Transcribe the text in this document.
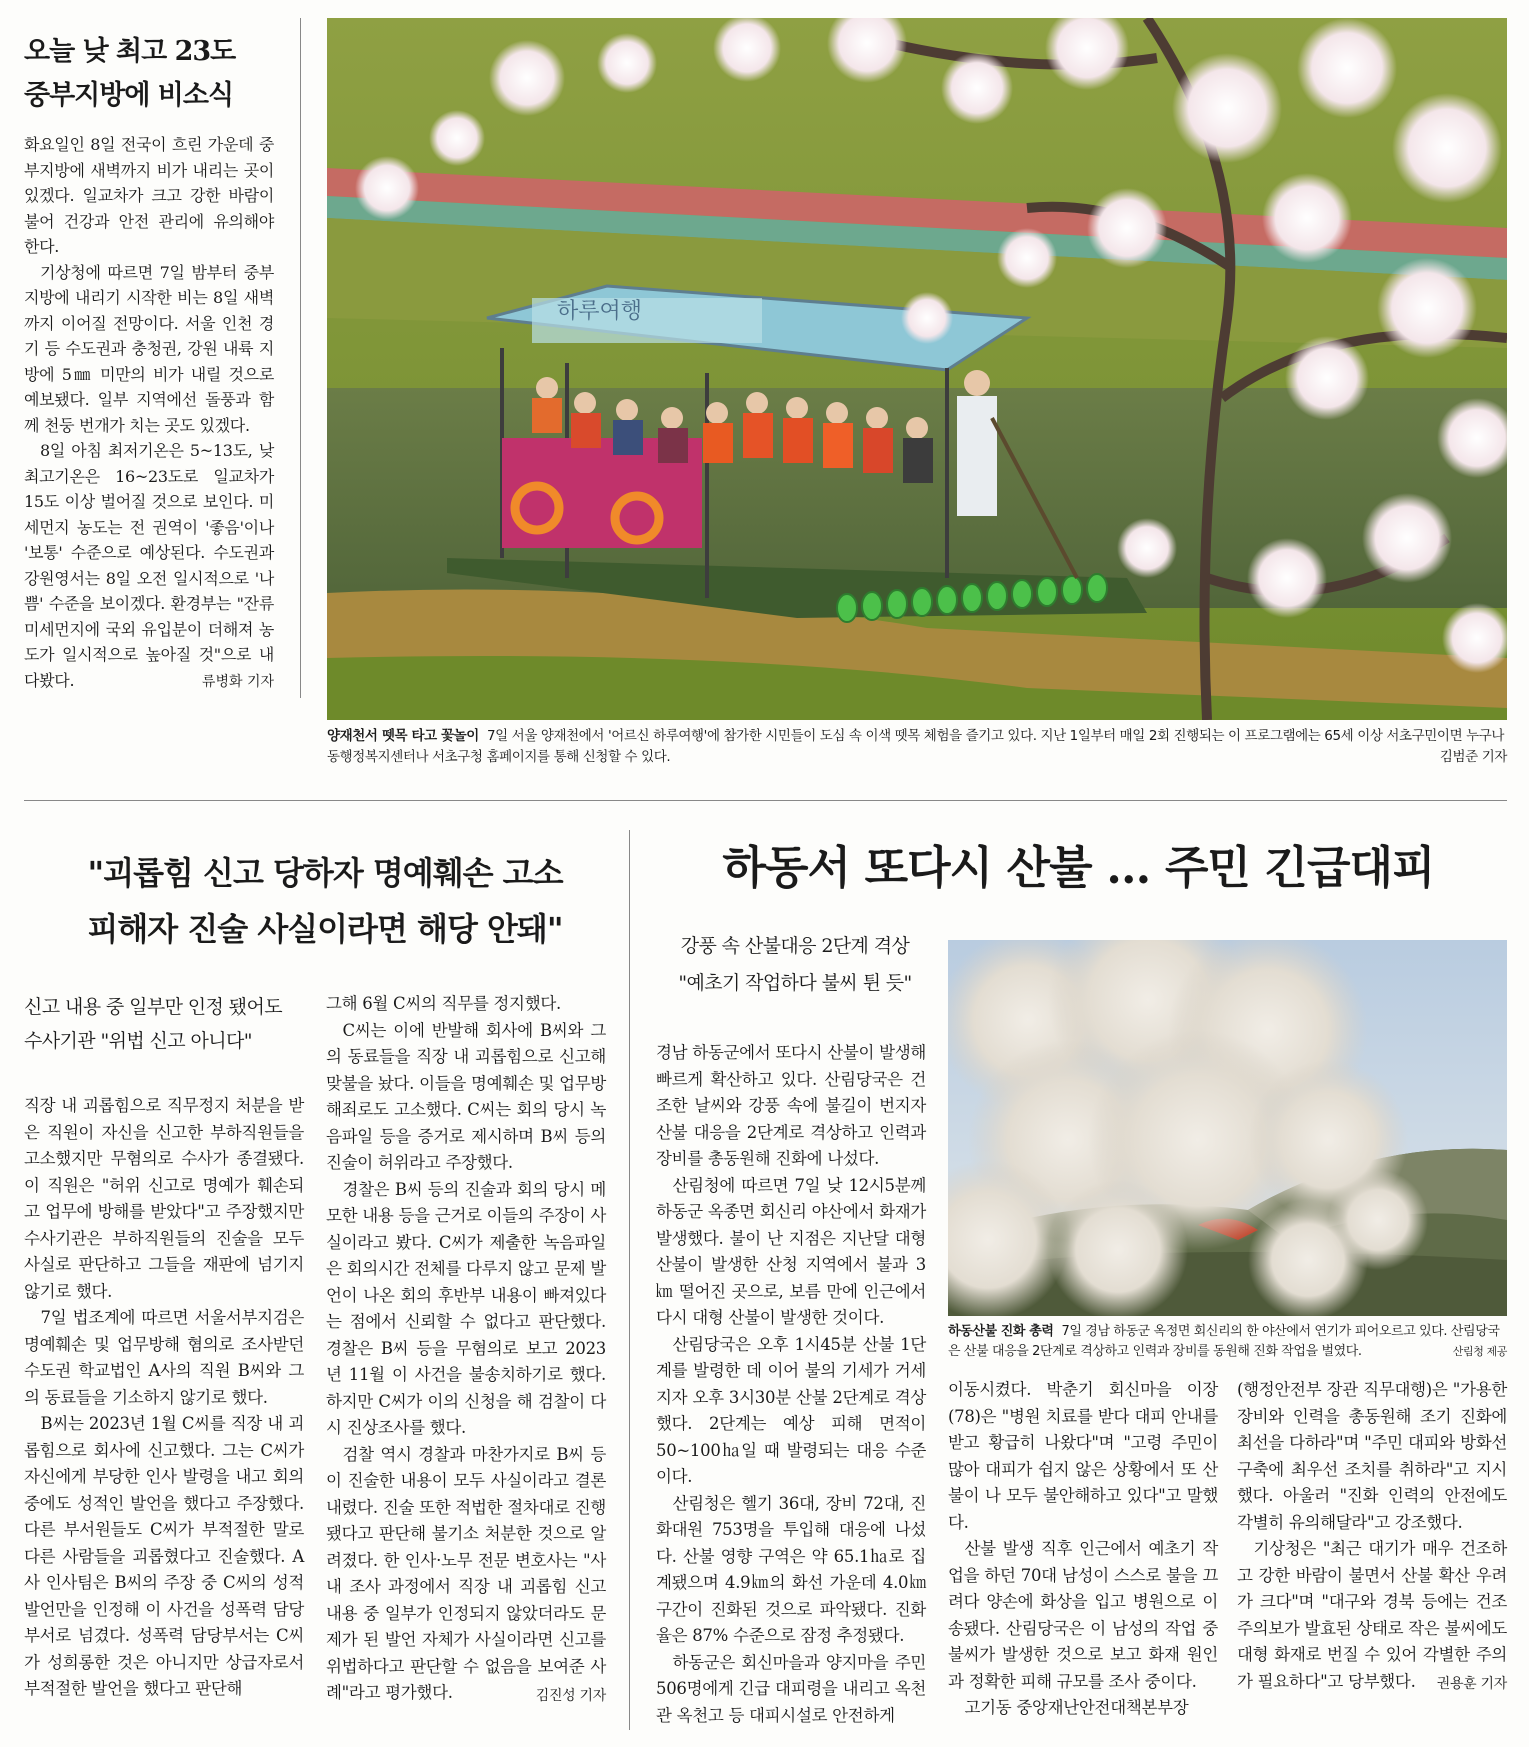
오늘 낮 최고 23도
중부지방에 비소식

화요일인 8일 전국이 흐린 가운데 중부지방에 새벽까지 비가 내리는 곳이 있겠다. 일교차가 크고 강한 바람이 불어 건강과 안전 관리에 유의해야 한다.

기상청에 따르면 7일 밤부터 중부지방에 내리기 시작한 비는 8일 새벽까지 이어질 전망이다. 서울 인천 경기 등 수도권과 충청권, 강원 내륙 지방에 5㎜ 미만의 비가 내릴 것으로 예보됐다. 일부 지역에선 돌풍과 함께 천둥 번개가 치는 곳도 있겠다.

8일 아침 최저기온은 5~13도, 낮 최고기온은 16~23도로 일교차가 15도 이상 벌어질 것으로 보인다. 미세먼지 농도는 전 권역이 '좋음'이나 '보통' 수준으로 예상된다. 수도권과 강원영서는 8일 오전 일시적으로 '나쁨' 수준을 보이겠다. 환경부는 "잔류 미세먼지에 국외 유입분이 더해져 농도가 일시적으로 높아질 것"으로 내다봤다.	류병화 기자
하루여행
양재천서 뗏목 타고 꽃놀이 7일 서울 양재천에서 '어르신 하루여행'에 참가한 시민들이 도심 속 이색 뗏목 체험을 즐기고 있다. 지난 1일부터 매일 2회 진행되는 이 프로그램에는 65세 이상 서초구민이면 누구나 동행정복지센터나 서초구청 홈페이지를 통해 신청할 수 있다.	김범준 기자
"괴롭힘 신고 당하자 명예훼손 고소
피해자 진술 사실이라면 해당 안돼"
신고 내용 중 일부만 인정 됐어도
수사기관 "위법 신고 아니다"

직장 내 괴롭힘으로 직무정지 처분을 받은 직원이 자신을 신고한 부하직원들을 고소했지만 무혐의로 수사가 종결됐다. 이 직원은 "허위 신고로 명예가 훼손되고 업무에 방해를 받았다"고 주장했지만 수사기관은 부하직원들의 진술을 모두 사실로 판단하고 그들을 재판에 넘기지 않기로 했다.

7일 법조계에 따르면 서울서부지검은 명예훼손 및 업무방해 혐의로 조사받던 수도권 학교법인 A사의 직원 B씨와 그의 동료들을 기소하지 않기로 했다.

B씨는 2023년 1월 C씨를 직장 내 괴롭힘으로 회사에 신고했다. 그는 C씨가 자신에게 부당한 인사 발령을 내고 회의 중에도 성적인 발언을 했다고 주장했다. 다른 부서원들도 C씨가 부적절한 말로 다른 사람들을 괴롭혔다고 진술했다. A사 인사팀은 B씨의 주장 중 C씨의 성적 발언만을 인정해 이 사건을 성폭력 담당부서로 넘겼다. 성폭력 담당부서는 C씨가 성희롱한 것은 아니지만 상급자로서 부적절한 발언을 했다고 판단해

그해 6월 C씨의 직무를 정지했다.

C씨는 이에 반발해 회사에 B씨와 그의 동료들을 직장 내 괴롭힘으로 신고해 맞불을 놨다. 이들을 명예훼손 및 업무방해죄로도 고소했다. C씨는 회의 당시 녹음파일 등을 증거로 제시하며 B씨 등의 진술이 허위라고 주장했다.

경찰은 B씨 등의 진술과 회의 당시 메모한 내용 등을 근거로 이들의 주장이 사실이라고 봤다. C씨가 제출한 녹음파일은 회의시간 전체를 다루지 않고 문제 발언이 나온 회의 후반부 내용이 빠져있다는 점에서 신뢰할 수 없다고 판단했다. 경찰은 B씨 등을 무혐의로 보고 2023년 11월 이 사건을 불송치하기로 했다. 하지만 C씨가 이의 신청을 해 검찰이 다시 진상조사를 했다.

검찰 역시 경찰과 마찬가지로 B씨 등이 진술한 내용이 모두 사실이라고 결론내렸다. 진술 또한 적법한 절차대로 진행됐다고 판단해 불기소 처분한 것으로 알려졌다. 한 인사·노무 전문 변호사는 "사내 조사 과정에서 직장 내 괴롭힘 신고 내용 중 일부가 인정되지 않았더라도 문제가 된 발언 자체가 사실이라면 신고를 위법하다고 판단할 수 없음을 보여준 사례"라고 평가했다.	김진성 기자
하동서 또다시 산불 … 주민 긴급대피
강풍 속 산불대응 2단계 격상
"예초기 작업하다 불씨 튄 듯"

경남 하동군에서 또다시 산불이 발생해 빠르게 확산하고 있다. 산림당국은 건조한 날씨와 강풍 속에 불길이 번지자 산불 대응을 2단계로 격상하고 인력과 장비를 총동원해 진화에 나섰다.

산림청에 따르면 7일 낮 12시5분께 하동군 옥종면 회신리 야산에서 화재가 발생했다. 불이 난 지점은 지난달 대형 산불이 발생한 산청 지역에서 불과 3㎞ 떨어진 곳으로, 보름 만에 인근에서 다시 대형 산불이 발생한 것이다.

산림당국은 오후 1시45분 산불 1단계를 발령한 데 이어 불의 기세가 거세지자 오후 3시30분 산불 2단계로 격상했다. 2단계는 예상 피해 면적이 50~100㏊일 때 발령되는 대응 수준이다.

산림청은 헬기 36대, 장비 72대, 진화대원 753명을 투입해 대응에 나섰다. 산불 영향 구역은 약 65.1㏊로 집계됐으며 4.9㎞의 화선 가운데 4.0㎞ 구간이 진화된 것으로 파악됐다. 진화율은 87% 수준으로 잠정 추정됐다.

하동군은 회신마을과 양지마을 주민 506명에게 긴급 대피령을 내리고 옥천관 옥천고 등 대피시설로 안전하게

하동산불 진화 총력 7일 경남 하동군 옥정면 회신리의 한 야산에서 연기가 피어오르고 있다. 산림당국은 산불 대응을 2단계로 격상하고 인력과 장비를 동원해 진화 작업을 벌였다.	산림청 제공

이동시켰다. 박춘기 회신마을 이장(78)은 "병원 치료를 받다 대피 안내를 받고 황급히 나왔다"며 "고령 주민이 많아 대피가 쉽지 않은 상황에서 또 산불이 나 모두 불안해하고 있다"고 말했다.

산불 발생 직후 인근에서 예초기 작업을 하던 70대 남성이 스스로 불을 끄려다 양손에 화상을 입고 병원으로 이송됐다. 산림당국은 이 남성의 작업 중 불씨가 발생한 것으로 보고 화재 원인과 정확한 피해 규모를 조사 중이다.

고기동 중앙재난안전대책본부장

(행정안전부 장관 직무대행)은 "가용한 장비와 인력을 총동원해 조기 진화에 최선을 다하라"며 "주민 대피와 방화선 구축에 최우선 조치를 취하라"고 지시했다. 아울러 "진화 인력의 안전에도 각별히 유의해달라"고 강조했다.

기상청은 "최근 대기가 매우 건조하고 강한 바람이 불면서 산불 확산 우려가 크다"며 "대구와 경북 등에는 건조주의보가 발효된 상태로 작은 불씨에도 대형 화재로 번질 수 있어 각별한 주의가 필요하다"고 당부했다.	권용훈 기자
